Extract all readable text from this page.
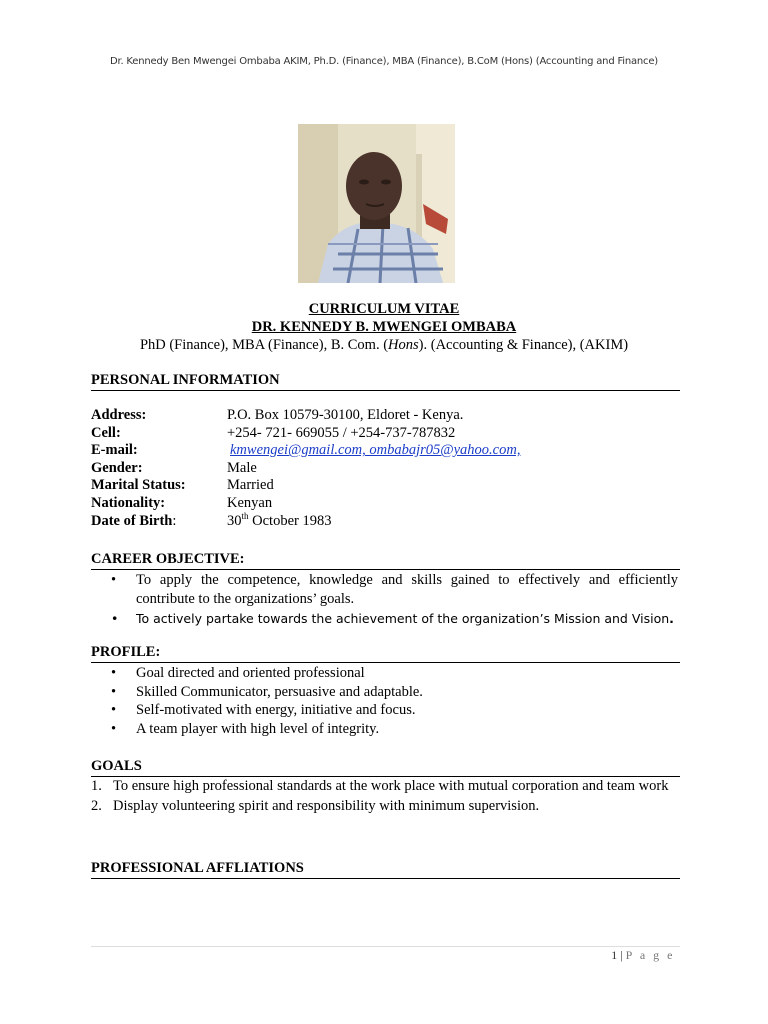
Dr. Kennedy Ben Mwengei Ombaba AKIM, Ph.D. (Finance), MBA (Finance), B.CoM (Hons) (Accounting and Finance)
CURRICULUM VITAE
DR. KENNEDY B. MWENGEI OMBABA
PhD (Finance), MBA (Finance), B. Com. (Hons). (Accounting & Finance), (AKIM)
PERSONAL INFORMATION
Address:	P.O. Box 10579-30100, Eldoret - Kenya.
Cell:	+254- 721- 669055 / +254-737-787832
E-mail:	kmwengei@gmail.com, ombabajr05@yahoo.com,
Gender:	Male
Marital Status:	Married
Nationality:	Kenyan
Date of Birth:	30th October 1983
CAREER OBJECTIVE:
• To apply the competence, knowledge and skills gained to effectively and efficiently contribute to the organizations’ goals.
• To actively partake towards the achievement of the organization’s Mission and Vision.
PROFILE:
• Goal directed and oriented professional
• Skilled Communicator, persuasive and adaptable.
• Self-motivated with energy, initiative and focus.
• A team player with high level of integrity.
GOALS
1. To ensure high professional standards at the work place with mutual corporation and team work
2. Display volunteering spirit and responsibility with minimum supervision.
PROFESSIONAL AFFLIATIONS
1 | P a g e
